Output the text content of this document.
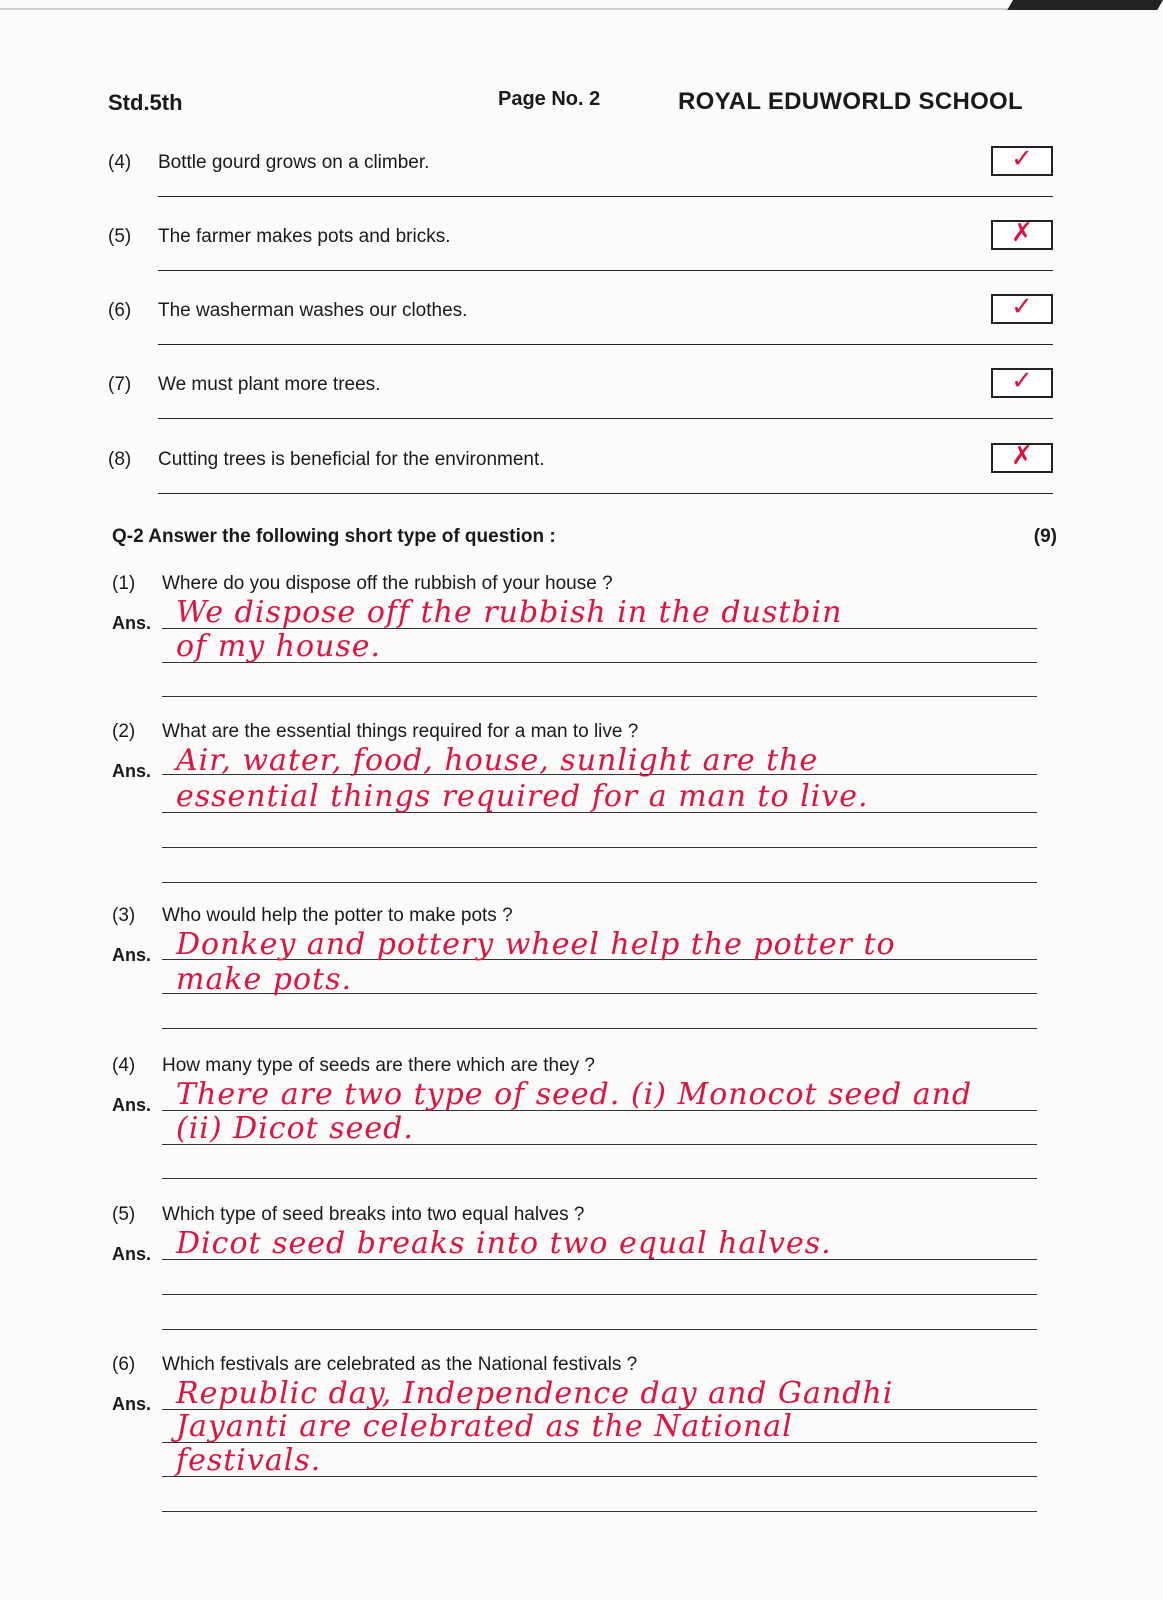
Std.5th	Page No. 2	ROYAL EDUWORLD SCHOOL
(4) Bottle gourd grows on a climber.	✓
(5) The farmer makes pots and bricks.	✗
(6) The washerman washes our clothes.	✓
(7) We must plant more trees.	✓
(8) Cutting trees is beneficial for the environment.	✗
Q-2 Answer the following short type of question :	(9)
(1) Where do you dispose off the rubbish of your house ?
Ans. We dispose off the rubbish in the dustbin
of my house.
(2) What are the essential things required for a man to live ?
Ans. Air, water, food, house, sunlight are the
essential things required for a man to live.
(3) Who would help the potter to make pots ?
Ans. Donkey and pottery wheel help the potter to
make pots.
(4) How many type of seeds are there which are they ?
Ans. There are two type of seed. (i) Monocot seed and
(ii) Dicot seed.
(5) Which type of seed breaks into two equal halves ?
Ans. Dicot seed breaks into two equal halves.
(6) Which festivals are celebrated as the National festivals ?
Ans. Republic day, Independence day and Gandhi
Jayanti are celebrated as the National
festivals.
